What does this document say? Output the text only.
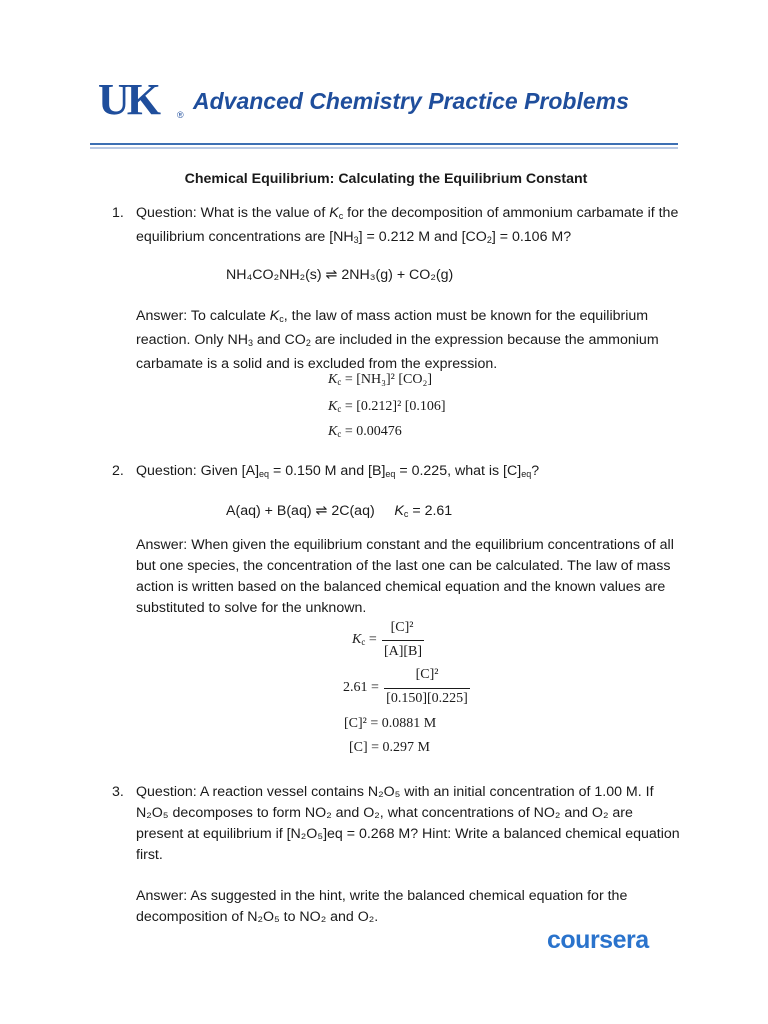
UK ®
Advanced Chemistry Practice Problems
Chemical Equilibrium: Calculating the Equilibrium Constant
1. Question: What is the value of $K_c$ for the decomposition of ammonium carbamate if the equilibrium concentrations are $[NH_3] = 0.212$ M and $[CO_2] = 0.106$ M?
NH₄CO₂NH₂(s) ⇌ 2NH₃(g) + CO₂(g)
Answer: To calculate $K_c$, the law of mass action must be known for the equilibrium reaction. Only $NH_3$ and $CO_2$ are included in the expression because the ammonium carbamate is a solid and is excluded from the expression.
$K_c = [NH_3]^2$ [CO₂]
$K_c = [0.212]^2$ [0.106]
$K_c = 0.00476$
2. Question: Given $[A]_{eq} = 0.150$ M and $[B]_{eq} = 0.225$, what is $[C]_{eq}$?
A(aq) + B(aq) ⇌ 2C(aq) $K_c = 2.61$
Answer: When given the equilibrium constant and the equilibrium concentrations of all but one species, the concentration of the last one can be calculated. The law of mass action is written based on the balanced chemical equation and the known values are substituted to solve for the unknown.
$K_c$ =
[C]²
[A][B]
2.61 =
[C]²
[0.150][0.225]
[C]² = 0.0881 M
[C] = 0.297 M
3. Question: A reaction vessel contains N₂O₅ with an initial concentration of 1.00 M. If N₂O₅ decomposes to form NO₂ and O₂, what concentrations of NO₂ and O₂ are present at equilibrium if [N₂O₅]eq = 0.268 M? Hint: Write a balanced chemical equation first.
Answer: As suggested in the hint, write the balanced chemical equation for the decomposition of N₂O₅ to NO₂ and O₂.
coursera
